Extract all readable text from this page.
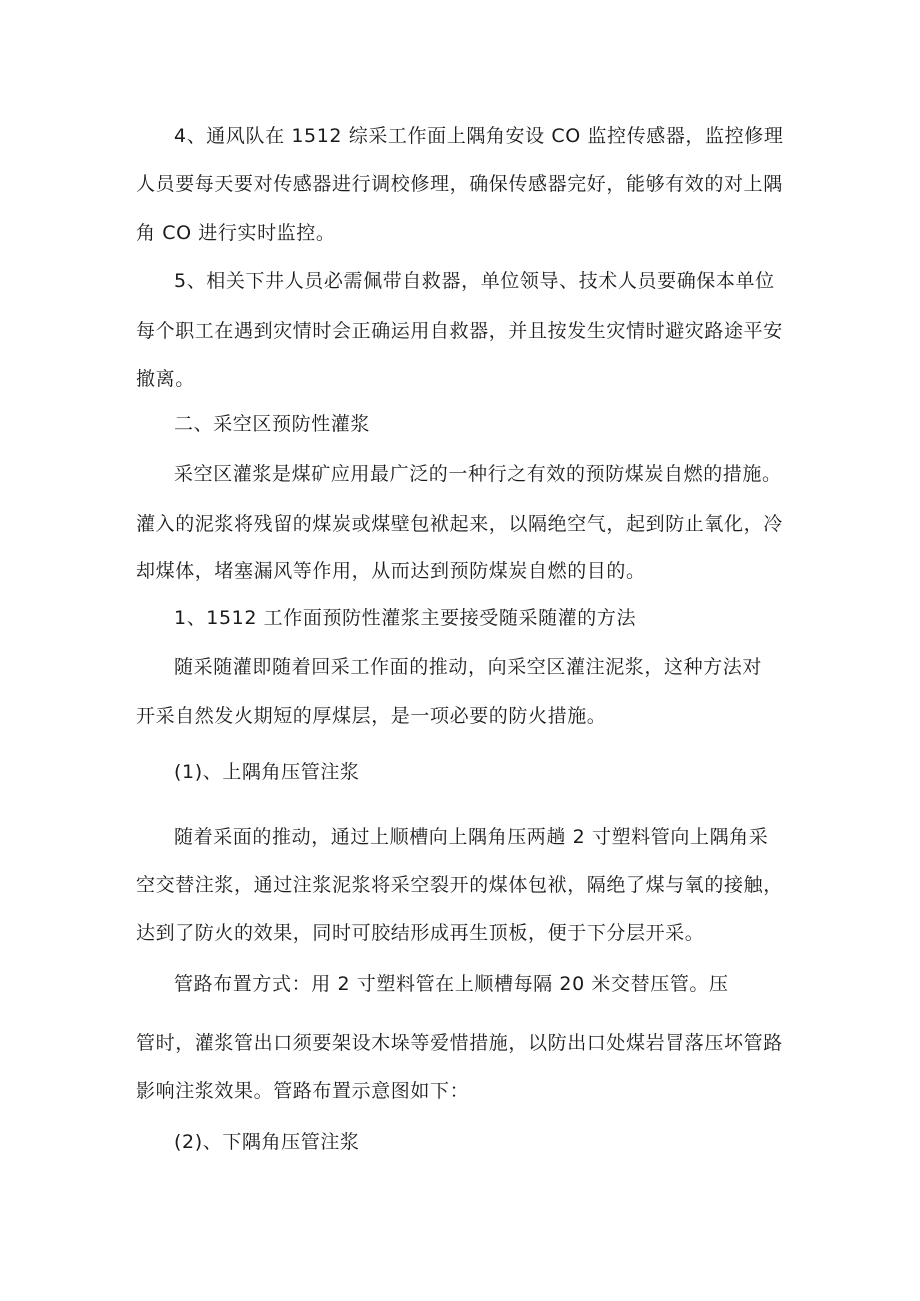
4、通风队在 1512 综采工作面上隅角安设 CO 监控传感器，监控修理
人员要每天要对传感器进行调校修理，确保传感器完好，能够有效的对上隅
角 CO 进行实时监控。
5、相关下井人员必需佩带自救器，单位领导、技术人员要确保本单位
每个职工在遇到灾情时会正确运用自救器，并且按发生灾情时避灾路途平安
撤离。
二、采空区预防性灌浆
采空区灌浆是煤矿应用最广泛的一种行之有效的预防煤炭自燃的措施。
灌入的泥浆将残留的煤炭或煤壁包袱起来，以隔绝空气，起到防止氧化，冷
却煤体，堵塞漏风等作用，从而达到预防煤炭自燃的目的。
1、1512 工作面预防性灌浆主要接受随采随灌的方法
随采随灌即随着回采工作面的推动，向采空区灌注泥浆，这种方法对
开采自然发火期短的厚煤层，是一项必要的防火措施。
(1)、上隅角压管注浆
随着采面的推动，通过上顺槽向上隅角压两趟 2 寸塑料管向上隅角采
空交替注浆，通过注浆泥浆将采空裂开的煤体包袱，隔绝了煤与氧的接触，
达到了防火的效果，同时可胶结形成再生顶板，便于下分层开采。
管路布置方式：用 2 寸塑料管在上顺槽每隔 20 米交替压管。压
管时，灌浆管出口须要架设木垛等爱惜措施，以防出口处煤岩冒落压坏管路
影响注浆效果。管路布置示意图如下：
(2)、下隅角压管注浆
